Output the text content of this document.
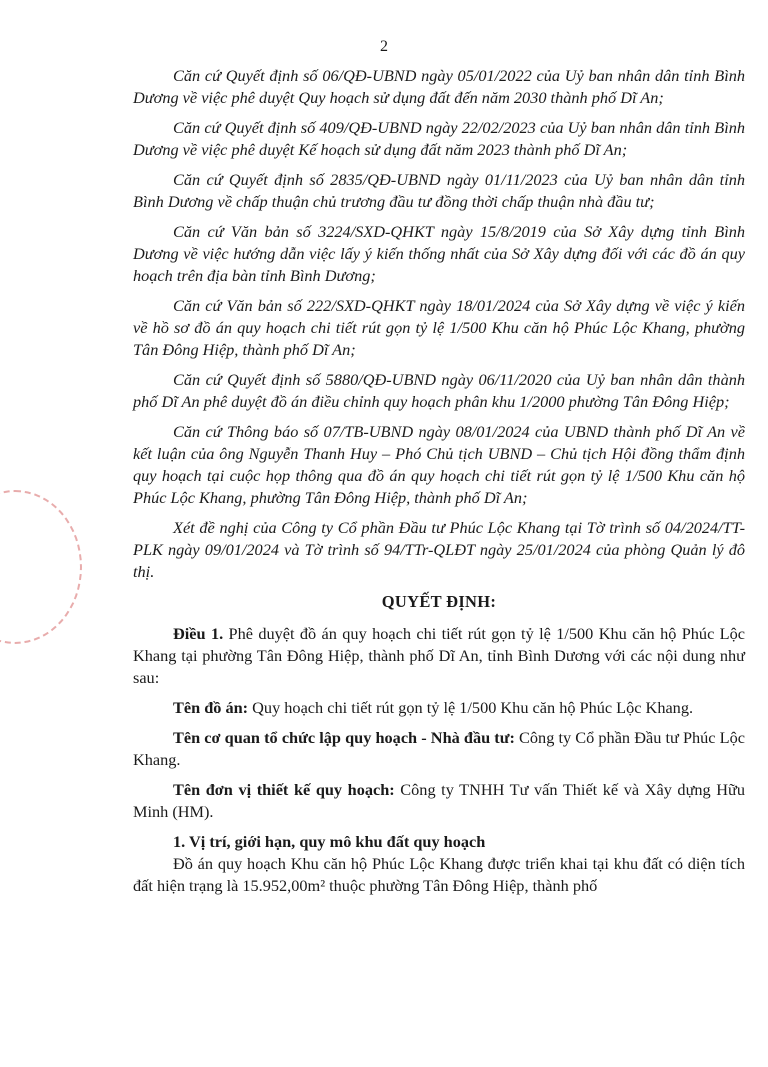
2

Căn cứ Quyết định số 06/QĐ-UBND ngày 05/01/2022 của Uỷ ban nhân dân tỉnh Bình Dương về việc phê duyệt Quy hoạch sử dụng đất đến năm 2030 thành phố Dĩ An;

Căn cứ Quyết định số 409/QĐ-UBND ngày 22/02/2023 của Uỷ ban nhân dân tỉnh Bình Dương về việc phê duyệt Kế hoạch sử dụng đất năm 2023 thành phố Dĩ An;

Căn cứ Quyết định số 2835/QĐ-UBND ngày 01/11/2023 của Uỷ ban nhân dân tỉnh Bình Dương về chấp thuận chủ trương đầu tư đồng thời chấp thuận nhà đầu tư;

Căn cứ Văn bản số 3224/SXD-QHKT ngày 15/8/2019 của Sở Xây dựng tỉnh Bình Dương về việc hướng dẫn việc lấy ý kiến thống nhất của Sở Xây dựng đối với các đồ án quy hoạch trên địa bàn tỉnh Bình Dương;

Căn cứ Văn bản số 222/SXD-QHKT ngày 18/01/2024 của Sở Xây dựng về việc ý kiến về hồ sơ đồ án quy hoạch chi tiết rút gọn tỷ lệ 1/500 Khu căn hộ Phúc Lộc Khang, phường Tân Đông Hiệp, thành phố Dĩ An;

Căn cứ Quyết định số 5880/QĐ-UBND ngày 06/11/2020 của Uỷ ban nhân dân thành phố Dĩ An phê duyệt đồ án điều chỉnh quy hoạch phân khu 1/2000 phường Tân Đông Hiệp;

Căn cứ Thông báo số 07/TB-UBND ngày 08/01/2024 của UBND thành phố Dĩ An về kết luận của ông Nguyễn Thanh Huy – Phó Chủ tịch UBND – Chủ tịch Hội đồng thẩm định quy hoạch tại cuộc họp thông qua đồ án quy hoạch chi tiết rút gọn tỷ lệ 1/500 Khu căn hộ Phúc Lộc Khang, phường Tân Đông Hiệp, thành phố Dĩ An;

Xét đề nghị của Công ty Cổ phần Đầu tư Phúc Lộc Khang tại Tờ trình số 04/2024/TT-PLK ngày 09/01/2024 và Tờ trình số 94/TTr-QLĐT ngày 25/01/2024 của phòng Quản lý đô thị.

QUYẾT ĐỊNH:

Điều 1. Phê duyệt đồ án quy hoạch chi tiết rút gọn tỷ lệ 1/500 Khu căn hộ Phúc Lộc Khang tại phường Tân Đông Hiệp, thành phố Dĩ An, tỉnh Bình Dương với các nội dung như sau:

Tên đồ án: Quy hoạch chi tiết rút gọn tỷ lệ 1/500 Khu căn hộ Phúc Lộc Khang.

Tên cơ quan tổ chức lập quy hoạch - Nhà đầu tư: Công ty Cổ phần Đầu tư Phúc Lộc Khang.

Tên đơn vị thiết kế quy hoạch: Công ty TNHH Tư vấn Thiết kế và Xây dựng Hữu Minh (HM).

1. Vị trí, giới hạn, quy mô khu đất quy hoạch

Đồ án quy hoạch Khu căn hộ Phúc Lộc Khang được triển khai tại khu đất có diện tích đất hiện trạng là 15.952,00m² thuộc phường Tân Đông Hiệp, thành phố
